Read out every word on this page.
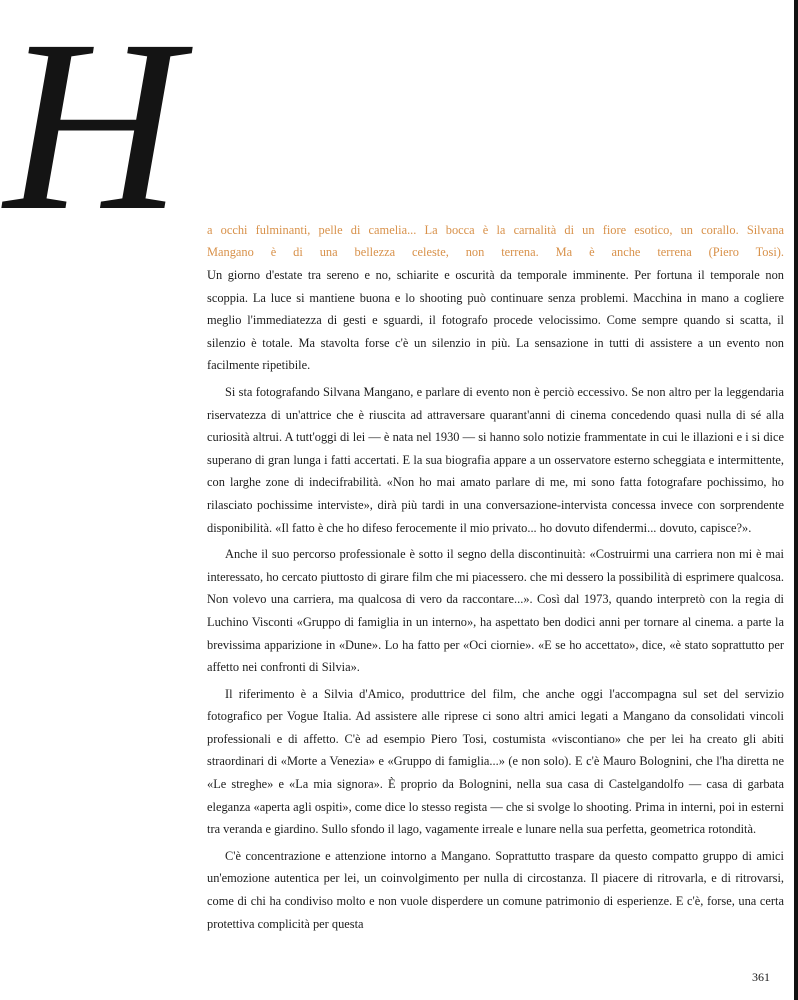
H	a occhi fulminanti, pelle di camelia... La bocca è la carnalità di un fiore esotico, un corallo. Silvana

Mangano è di una bellezza celeste, non terrena. Ma è anche terrena (Piero Tosi).

Un giorno d'estate tra sereno e no, schiarite e oscurità da temporale imminente. Per fortuna il temporale non scoppia. La luce si mantiene buona e lo shooting può continuare senza problemi. Macchina in mano a cogliere meglio l'immediatezza di gesti e sguardi, il fotografo procede velocissimo. Come sempre quando si scatta, il silenzio è totale. Ma stavolta forse c'è un silenzio in più. La sensazione in tutti di assistere a un evento non facilmente ripetibile.

Si sta fotografando Silvana Mangano, e parlare di evento non è perciò eccessivo. Se non altro per la leggendaria riservatezza di un'attrice che è riuscita ad attraversare quarant'anni di cinema concedendo quasi nulla di sé alla curiosità altrui. A tutt'oggi di lei — è nata nel 1930 — si hanno solo notizie frammentate in cui le illazioni e i si dice superano di gran lunga i fatti accertati. E la sua biografia appare a un osservatore esterno scheggiata e intermittente, con larghe zone di indecifrabilità. «Non ho mai amato parlare di me, mi sono fatta fotografare pochissimo, ho rilasciato pochissime interviste», dirà più tardi in una conversazione-intervista concessa invece con sorprendente disponibilità. «Il fatto è che ho difeso ferocemente il mio privato... ho dovuto difendermi... dovuto, capisce?».

Anche il suo percorso professionale è sotto il segno della discontinuità: «Costruirmi una carriera non mi è mai interessato, ho cercato piuttosto di girare film che mi piacessero. che mi dessero la possibilità di esprimere qualcosa. Non volevo una carriera, ma qualcosa di vero da raccontare...». Così dal 1973, quando interpretò con la regia di Luchino Visconti «Gruppo di famiglia in un interno», ha aspettato ben dodici anni per tornare al cinema. a parte la brevissima apparizione in «Dune». Lo ha fatto per «Oci ciornie». «E se ho accettato», dice, «è stato soprattutto per affetto nei confronti di Silvia».

Il riferimento è a Silvia d'Amico, produttrice del film, che anche oggi l'accompagna sul set del servizio fotografico per Vogue Italia. Ad assistere alle riprese ci sono altri amici legati a Mangano da consolidati vincoli professionali e di affetto. C'è ad esempio Piero Tosi, costumista «viscontiano» che per lei ha creato gli abiti straordinari di «Morte a Venezia» e «Gruppo di famiglia...» (e non solo). E c'è Mauro Bolognini, che l'ha diretta ne «Le streghe» e «La mia signora». È proprio da Bolognini, nella sua casa di Castelgandolfo — casa di garbata eleganza «aperta agli ospiti», come dice lo stesso regista — che si svolge lo shooting. Prima in interni, poi in esterni tra veranda e giardino. Sullo sfondo il lago, vagamente irreale e lunare nella sua perfetta, geometrica rotondità.

C'è concentrazione e attenzione intorno a Mangano. Soprattutto traspare da questo compatto gruppo di amici un'emozione autentica per lei, un coinvolgimento per nulla di circostanza. Il piacere di ritrovarla, e di ritrovarsi, come di chi ha condiviso molto e non vuole disperdere un comune patrimonio di esperienze. E c'è, forse, una certa protettiva complicità per questa

361
